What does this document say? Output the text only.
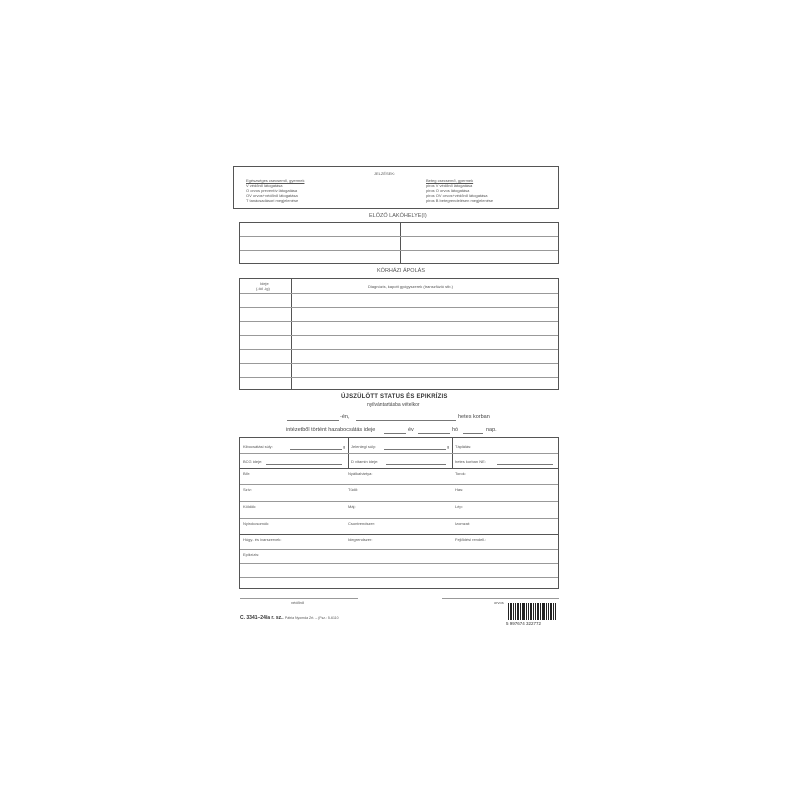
JELZÉSEK:
Egészséges csecsemő, gyermek
V védőnő látogatása
O orvos preventív látogatása
OV orvos+védőnő látogatása
T tanácsadásori megjelenése
Beteg csecsemő, gyermek
piros V védőnő látogatása
piros O orvos látogatása
piros OV orvos+védőnő látogatása
piros B betegrendelésen megjelenése
ELŐZŐ LAKÓHELYE(I)
KÓRHÁZI ÁPOLÁS
Ideje
(-tól -ig)	Diagnózis, kapott gyógyszerek (transzfúzió stb.)
ÚJSZÜLÖTT STATUS ÉS EPIKRÍZIS
nyilvántartásba vételkor
-én,	hetes korban
intézetből történt hazabocsátás ideje	év	hó	nap.
Kibocsátási súly:	g Jelenlegi súly:	g Táplálás:
BCG ideje:	D vitamin ideje:	hetes korban NE:
Bőr:	Nyálkahártya:	Torok:
Szív:	Tüdő:	Has:
Köldök:	Máj:	Lép:
Nyirokcsomók:	Csontrendszer:	Izomzat:
Húgy- és ivarszervek:	Idegrendszer:	Fejlődési rendell.:
Epikrízis:
védőnő	orvos
C. 3341–24/a r. sz. – Pátria Nyomda Zrt. – (Fsz.: 5-6110
5 997674 322772
